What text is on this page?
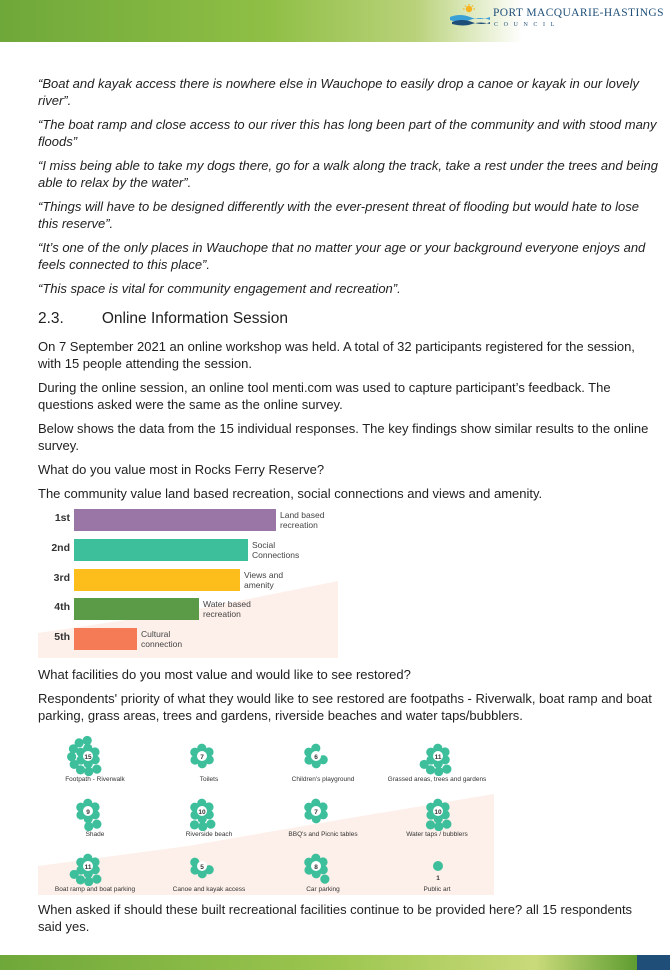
PORT MACQUARIE-HASTINGS
COUNCIL

“Boat and kayak access there is nowhere else in Wauchope to easily drop a canoe or kayak in our lovely river”.

“The boat ramp and close access to our river this has long been part of the community and with stood many floods”

“I miss being able to take my dogs there, go for a walk along the track, take a rest under the trees and being able to relax by the water”.

“Things will have to be designed differently with the ever-present threat of flooding but would hate to lose this reserve”.

“It’s one of the only places in Wauchope that no matter your age or your background everyone enjoys and feels connected to this place”.

“This space is vital for community engagement and recreation”.

2.3. Online Information Session

On 7 September 2021 an online workshop was held. A total of 32 participants registered for the session, with 15 people attending the session.

During the online session, an online tool menti.com was used to capture participant’s feedback. The questions asked were the same as the online survey.

Below shows the data from the 15 individual responses. The key findings show similar results to the online survey.

What do you value most in Rocks Ferry Reserve?

The community value land based recreation, social connections and views and amenity.

1st	Land based recreation
2nd	Social Connections
3rd	Views and amenity
4th	Water based recreation
5th	Cultural connection

What facilities do you most value and would like to see restored?

Respondents' priority of what they would like to see restored are footpaths - Riverwalk, boat ramp and boat parking, grass areas, trees and gardens, riverside beaches and water taps/bubblers.

15
Footpath - Riverwalk
7
Toilets
6
Children's playground
11
Grassed areas, trees and gardens
9
Shade
10
Riverside beach
7
BBQ's and Picnic tables
10
Water taps / bubblers
11
Boat ramp and boat parking
5
Canoe and kayak access
8
Car parking
1
Public art
When asked if should these built recreational facilities continue to be provided here? all 15 respondents said yes.
